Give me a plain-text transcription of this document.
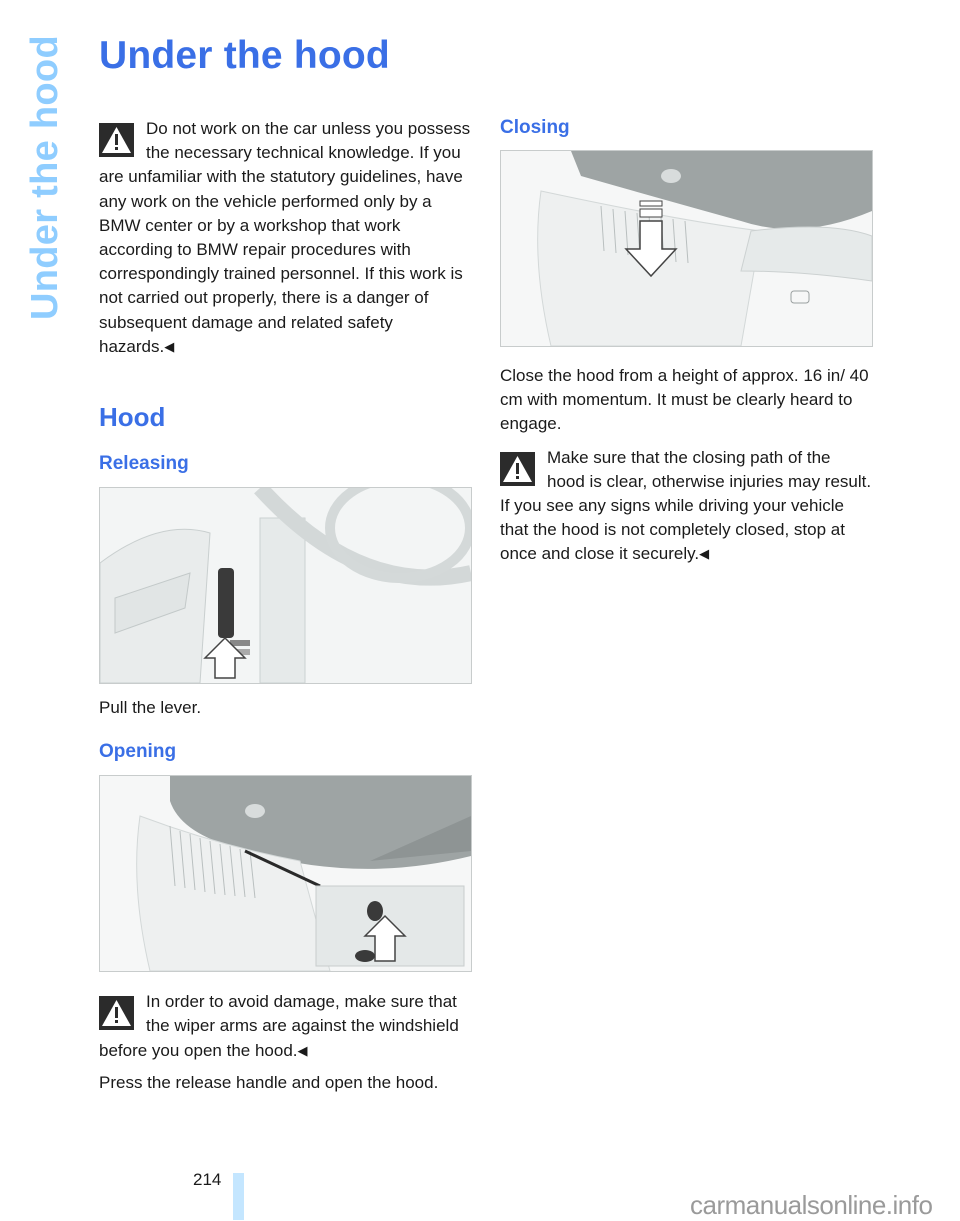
Under the hood Under the hood

Do not work on the car unless you possess the necessary technical knowledge. If you are unfamiliar with the statutory guidelines, have any work on the vehicle performed only by a BMW center or by a workshop that work according to BMW repair procedures with correspondingly trained personnel. If this work is not carried out properly, there is a danger of subsequent damage and related safety hazards.◀

Hood
Releasing

Pull the lever.

Opening

In order to avoid damage, make sure that the wiper arms are against the windshield before you open the hood.◀

Press the release handle and open the hood.

Closing

Close the hood from a height of approx. 16 in/ 40 cm with momentum. It must be clearly heard to engage.

Make sure that the closing path of the hood is clear, otherwise injuries may result.

If you see any signs while driving your vehicle that the hood is not completely closed, stop at once and close it securely.◀

214
carmanualsonline.info
